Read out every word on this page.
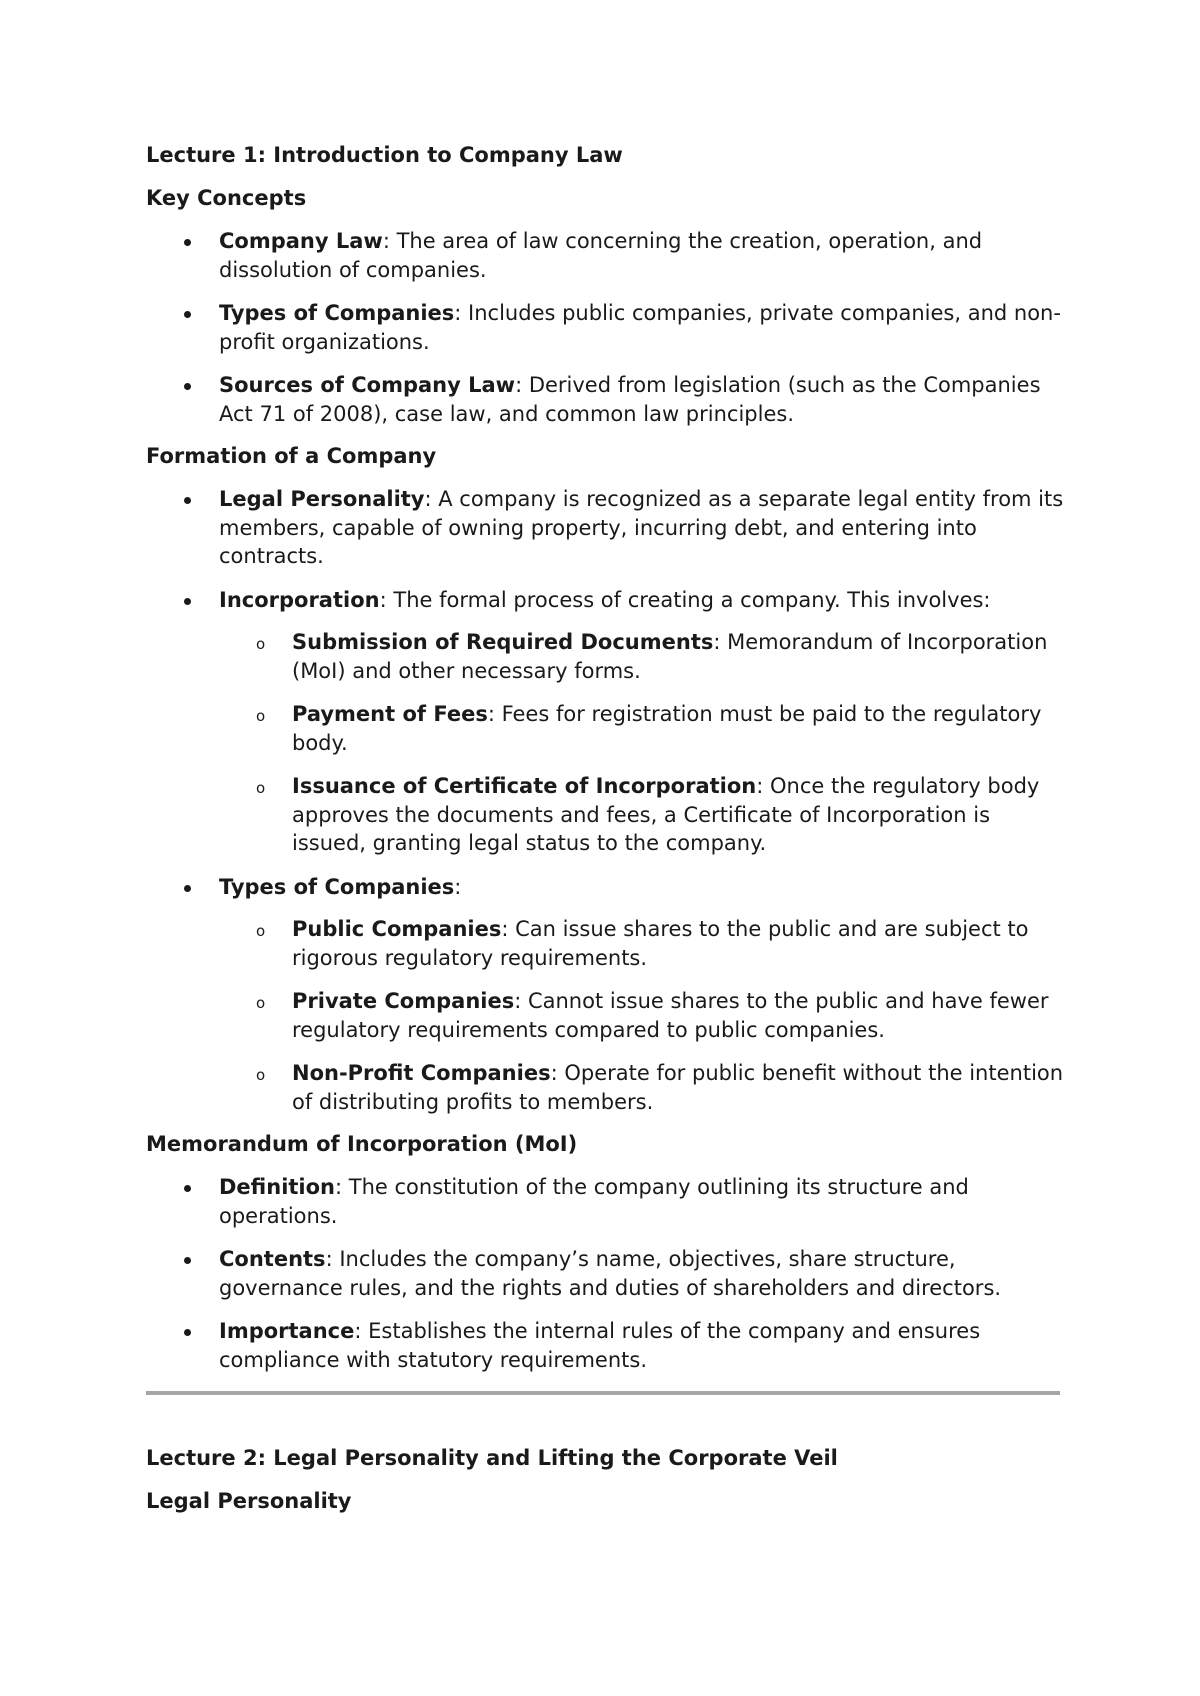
Lecture 1: Introduction to Company Law
Key Concepts
Company Law: The area of law concerning the creation, operation, and dissolution of companies.
Types of Companies: Includes public companies, private companies, and non-profit organizations.
Sources of Company Law: Derived from legislation (such as the Companies Act 71 of 2008), case law, and common law principles.
Formation of a Company
Legal Personality: A company is recognized as a separate legal entity from its members, capable of owning property, incurring debt, and entering into contracts.
Incorporation: The formal process of creating a company. This involves:
o Submission of Required Documents: Memorandum of Incorporation (MoI) and other necessary forms.
o Payment of Fees: Fees for registration must be paid to the regulatory body.
o Issuance of Certificate of Incorporation: Once the regulatory body approves the documents and fees, a Certificate of Incorporation is issued, granting legal status to the company.
Types of Companies:
o Public Companies: Can issue shares to the public and are subject to rigorous regulatory requirements.
o Private Companies: Cannot issue shares to the public and have fewer regulatory requirements compared to public companies.
o Non-Profit Companies: Operate for public benefit without the intention of distributing profits to members.
Memorandum of Incorporation (MoI)
Definition: The constitution of the company outlining its structure and operations.
Contents: Includes the company’s name, objectives, share structure, governance rules, and the rights and duties of shareholders and directors.
Importance: Establishes the internal rules of the company and ensures compliance with statutory requirements.
Lecture 2: Legal Personality and Lifting the Corporate Veil
Legal Personality
